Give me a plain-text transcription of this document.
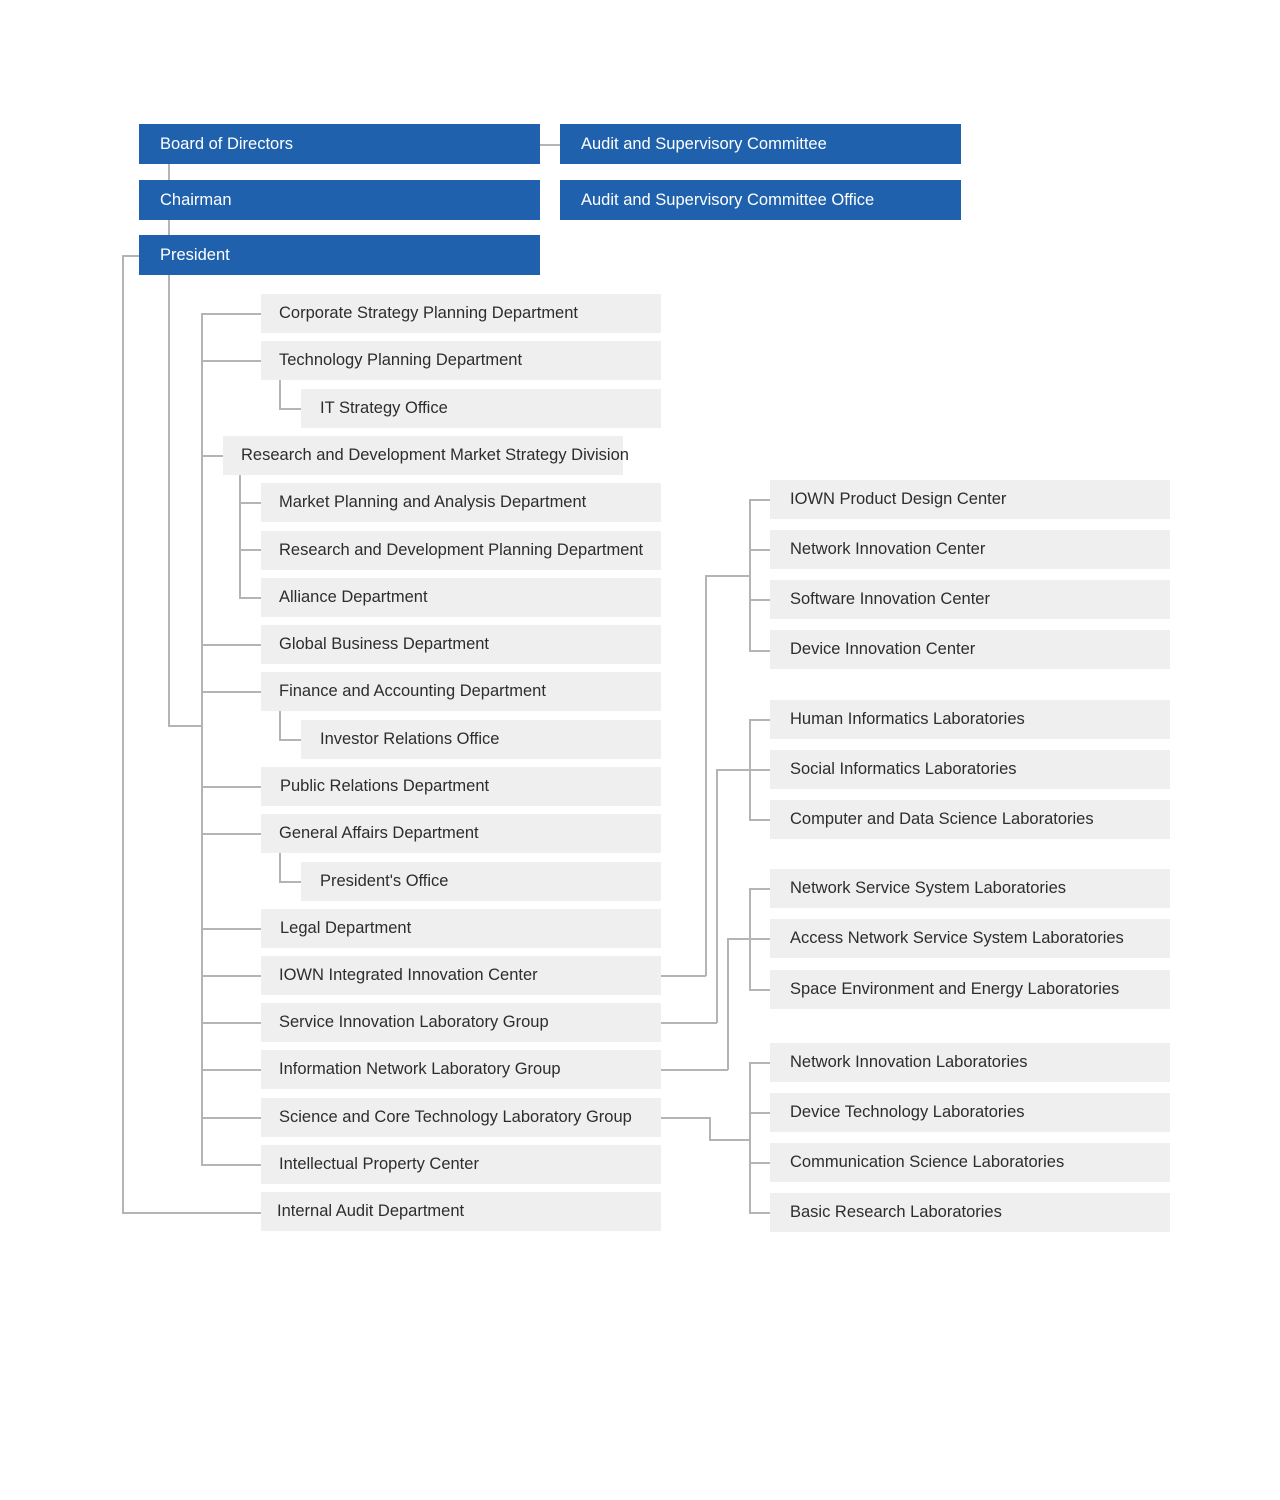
Board of Directors	Audit and Supervisory Committee
Chairman	Audit and Supervisory Committee Office
President
Corporate Strategy Planning Department
Technology Planning Department
IT Strategy Office
Research and Development Market Strategy Division
Market Planning and Analysis Department
Research and Development Planning Department
Alliance Department
Global Business Department
Finance and Accounting Department
Investor Relations Office
Public Relations Department
General Affairs Department
President's Office
Legal Department
IOWN Integrated Innovation Center
Service Innovation Laboratory Group
Information Network Laboratory Group
Science and Core Technology Laboratory Group
Intellectual Property Center
Internal Audit Department
IOWN Product Design Center
Network Innovation Center
Software Innovation Center
Device Innovation Center
Human Informatics Laboratories
Social Informatics Laboratories
Computer and Data Science Laboratories
Network Service System Laboratories
Access Network Service System Laboratories
Space Environment and Energy Laboratories
Network Innovation Laboratories
Device Technology Laboratories
Communication Science Laboratories
Basic Research Laboratories
